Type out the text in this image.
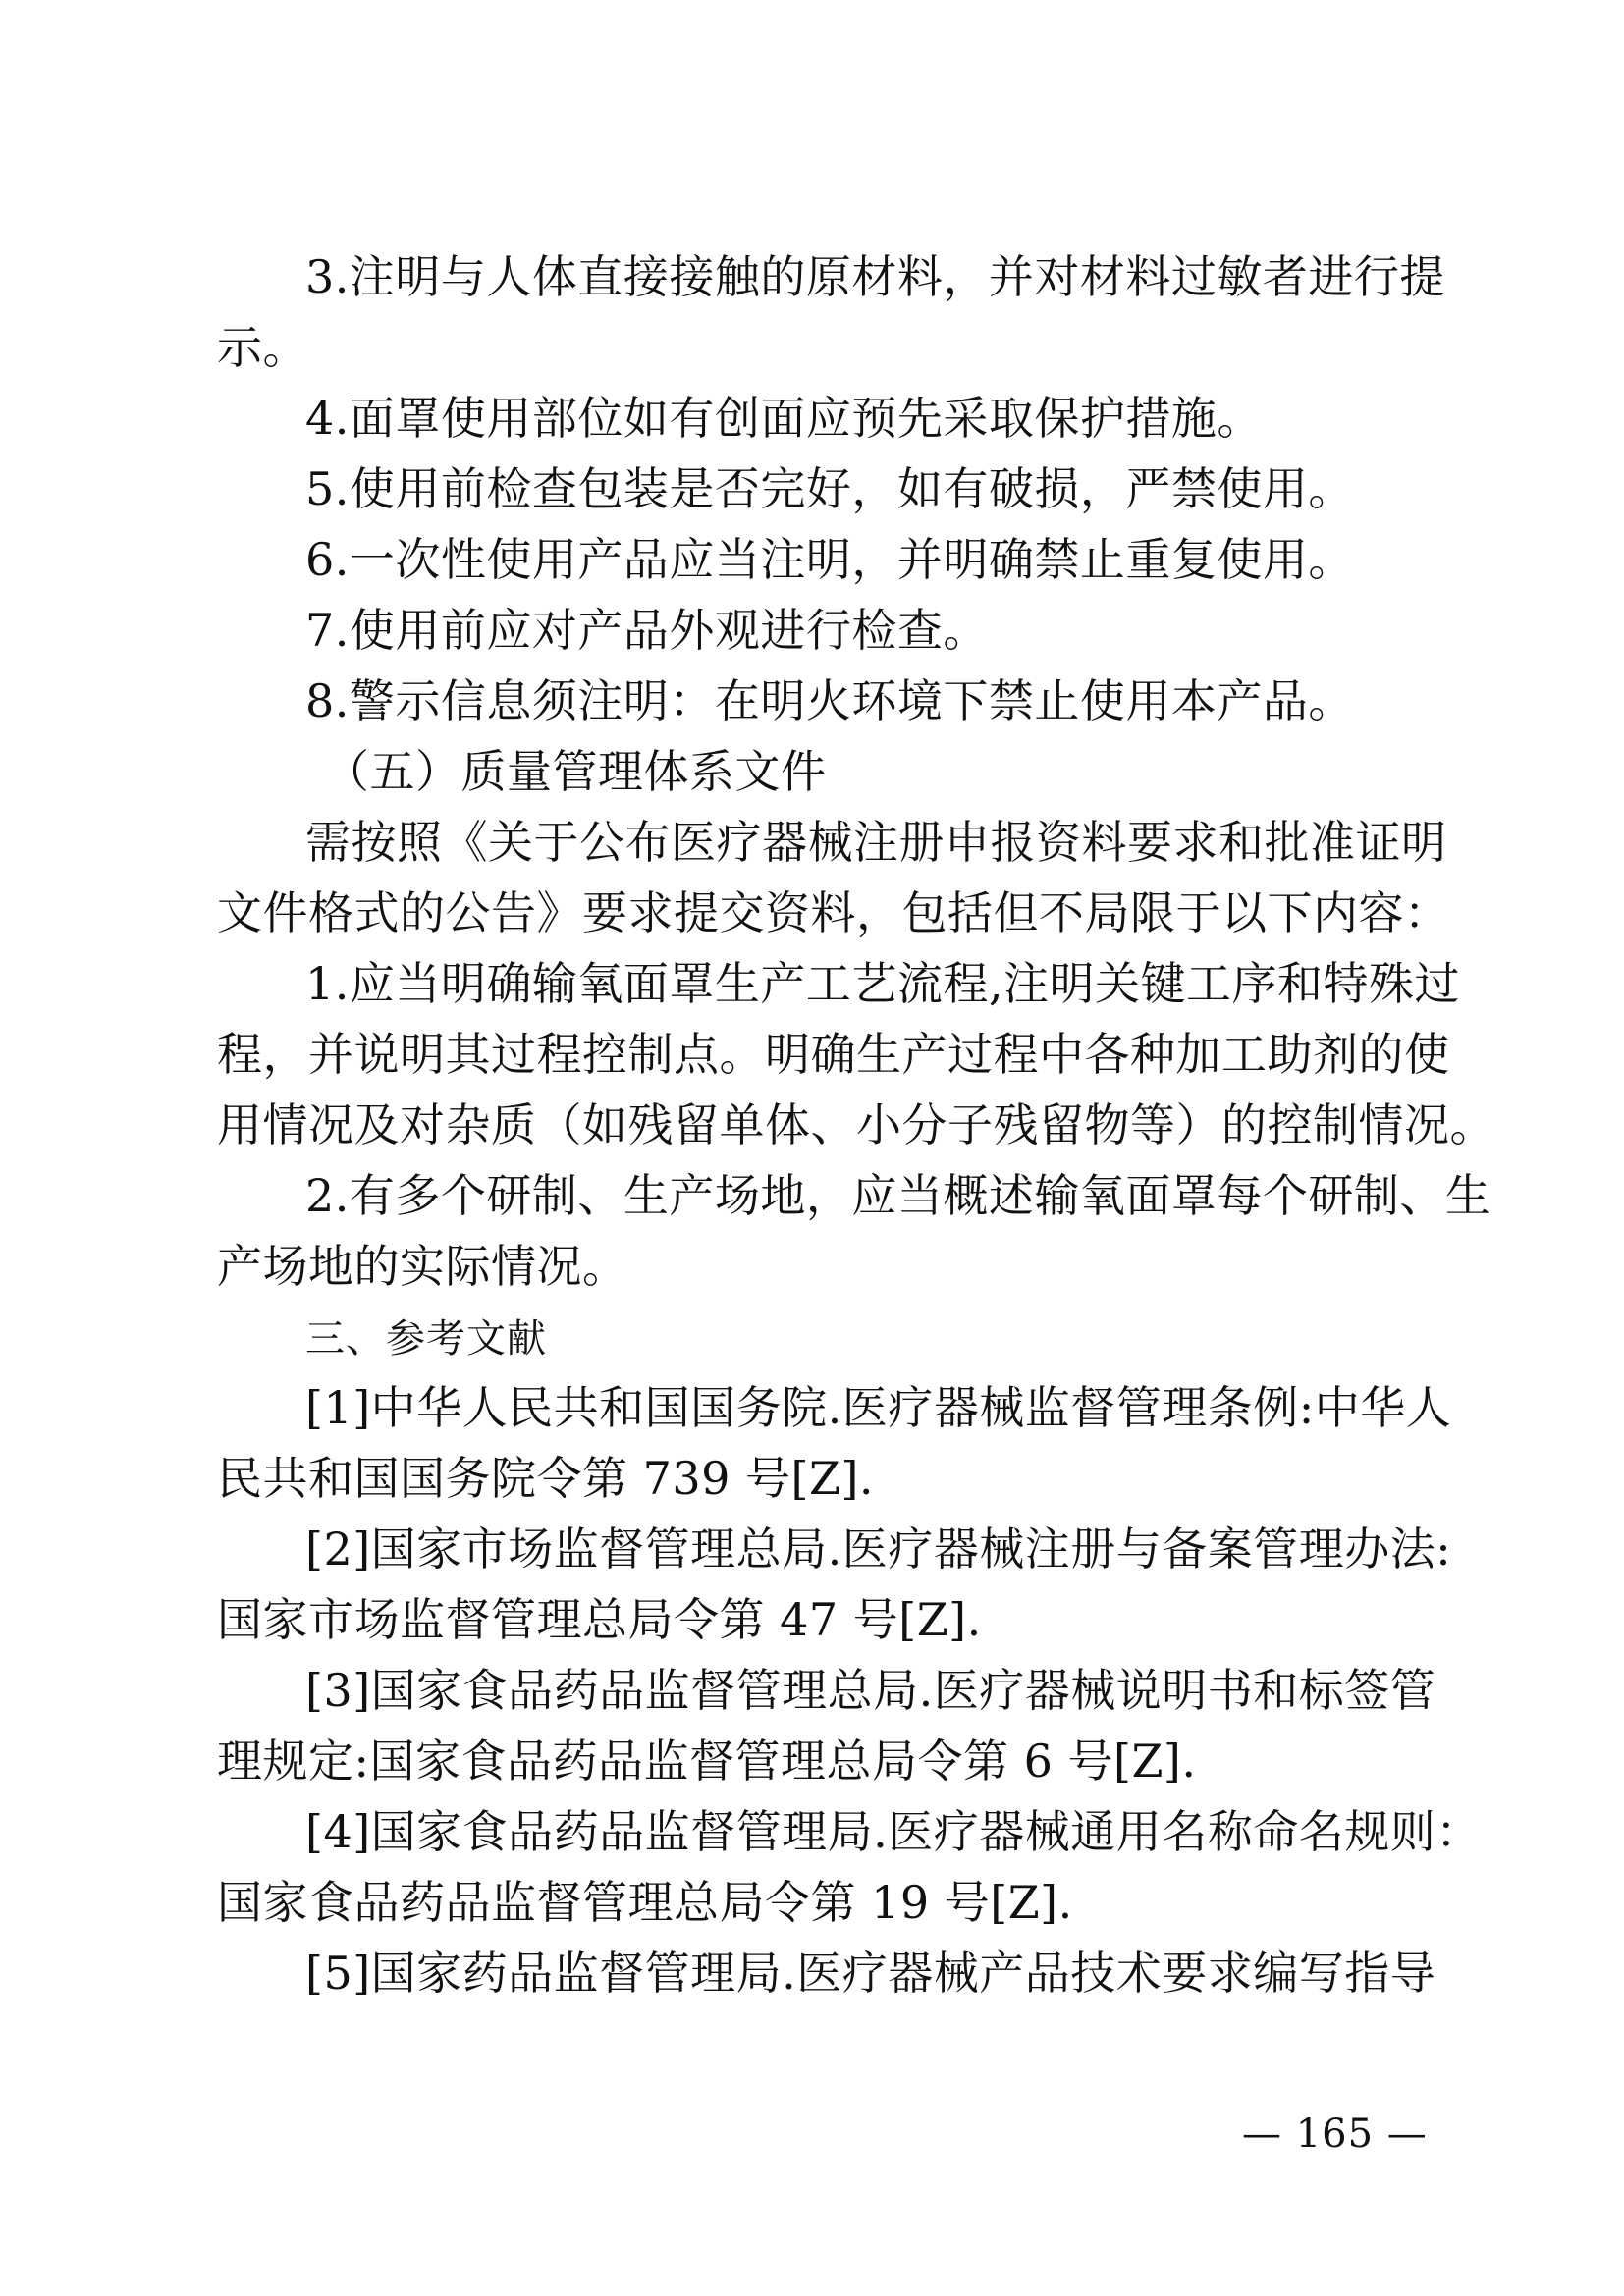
3.注明与人体直接接触的原材料，并对材料过敏者进行提
示。
4.面罩使用部位如有创面应预先采取保护措施。
5.使用前检查包装是否完好，如有破损，严禁使用。
6.一次性使用产品应当注明，并明确禁止重复使用。
7.使用前应对产品外观进行检查。
8.警示信息须注明：在明火环境下禁止使用本产品。
（五）质量管理体系文件
需按照《关于公布医疗器械注册申报资料要求和批准证明
文件格式的公告》要求提交资料，包括但不局限于以下内容：
1.应当明确输氧面罩生产工艺流程,注明关键工序和特殊过
程，并说明其过程控制点。明确生产过程中各种加工助剂的使
用情况及对杂质（如残留单体、小分子残留物等）的控制情况。
2.有多个研制、生产场地，应当概述输氧面罩每个研制、生
产场地的实际情况。
三、参考文献
[1]中华人民共和国国务院.医疗器械监督管理条例:中华人
民共和国国务院令第 739 号[Z].
[2]国家市场监督管理总局.医疗器械注册与备案管理办法:
国家市场监督管理总局令第 47 号[Z].
[3]国家食品药品监督管理总局.医疗器械说明书和标签管
理规定:国家食品药品监督管理总局令第 6 号[Z].
[4]国家食品药品监督管理局.医疗器械通用名称命名规则：
国家食品药品监督管理总局令第 19 号[Z].
[5]国家药品监督管理局.医疗器械产品技术要求编写指导
— 165 —
